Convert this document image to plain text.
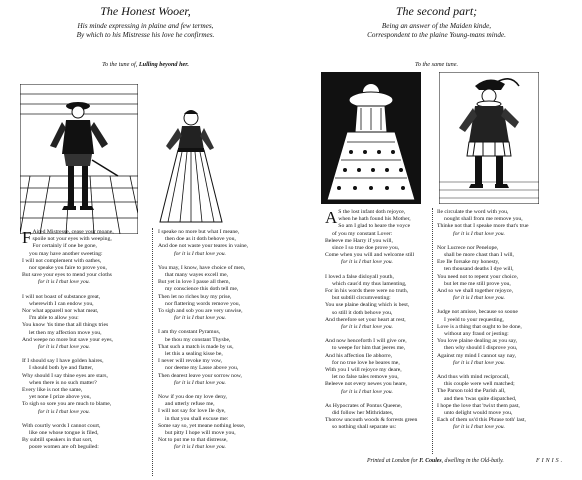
The Honest Wooer,
His minde expressing in plaine and few termes,
By which to his Mistresse his love he confirmes.
To the tune of, Lulling beyond her.
F Aired Mistresse, cease your moane,
spoile not your eyes with weeping,
For certainly if one be gone,
you may have another sweeting:
I will not complement with oathes,
nor speake you faire to prove you,
But save your eyes to mend your cloths
for it is I that love you.
I will not boast of substance great,
wherewith I can endow you,
Nor what apparell nor what meat,
I'm able to allow you:
You know 'tis time that all things tries
let then my affection move you,
And weepe no more but save your eyes,
for it is I that love you.
If I should say I have golden haires,
I should both lye and flatter,
Why should I say thine eyes are stars,
when there is no such matter?
Every like is not the same,
yet none I prize above you,
To sigh so sore you are much to blame,
for it is I that love you.
With courtly words I cannot court,
like one whose tongue is filed,
By subtill speakers in that sort,
poore women are oft beguiled:
I speake no more but what I meane,
then doe as it doth behove you,
And doe not waste your teares in vaine,
for it is I that love you.
You may, I know, have choice of men,
that many wayes excell me,
But yet in love I passe all them,
my conscience this doth tell me,
Then let no riches buy my prise,
nor flattering words remove you,
To sigh and sob you are very unwise,
for it is I that love you.
I am thy constant Pyramus,
be thou my constant Thysbe,
That such a match is made by us,
let this a sealing kisse be,
I never will revoke my vow,
nor deeme my Lasse above you,
Then dearest leave your sorrow now,
for it is I that love you.
Now if you doe my love deny,
and utterly refuse me,
I will not say for love Ile dye,
in that you shall excuse me:
Some say so, yet meane nothing lesse,
but pitty I hope will move you,
Not to put me to that distresse,
for it is I that love you.
The second part;
Being an answer of the Maiden kinde,
Correspondent to the plaine Young-mans minde.
To the same tune.
Printed at London for F. Coules, dwelling in the Old-baily.	FINIS.
A S the lost infant doth rejoyce,
when he hath found his Mother,
So am I glad to heare the voyce
of you my constant Lover:
Beleeve me Harry if you will,
since I so true doe prove you,
Come when you will and welcome still
for it is I that love you.
I loved a false disloyall youth,
which caus'd my thus lamenting,
For in his words there were no truth,
but subtill circumventing:
You use plaine dealing which is best,
so still it doth behove you,
And therefore set your heart at rest,
for it is I that love you.
And now henceforth I will give ore,
to weepe for him that jeeres me,
And his affection Ile abhorre,
for no true love he beares me,
With you I will rejoyce my deare,
let no false tales remove you,
Beleeve not every newes you heare,
for it is I that love you.
As Hypocrates of Pontus Queene,
did follow her Mithridates,
Thorow uncouth woods & forrests green
so nothing shall separate us:
Ile circulate the word with you,
nought shall from me remove you,
Thinke not that I speake more that's true
for it is I that love you.
Nor Lucrece nor Penelope,
shall be more chast than I will,
Ere Ile forsake my honesty,
ten thousand deaths I dye will,
You need not to repent your choice,
but let me me still prove you,
And so we shall together rejoyce,
for it is I that love you.
Judge not amisse, because so soone
I yeeld to your requesting,
Love is a thing that ought to be done,
without any fraud or jesting:
You love plaine dealing as you say,
then why should I disprove you,
Against my mind I cannot say nay,
for it is I that love you.
And thus with mind reciprocall,
this couple were well matched;
The Parson told the Parish all,
and then 'twas quite dispatched,
I hope the love that 'twixt them past,
unto delight would move you,
Each of them us'd this Phrase toth' last,
for it is I that love you.
